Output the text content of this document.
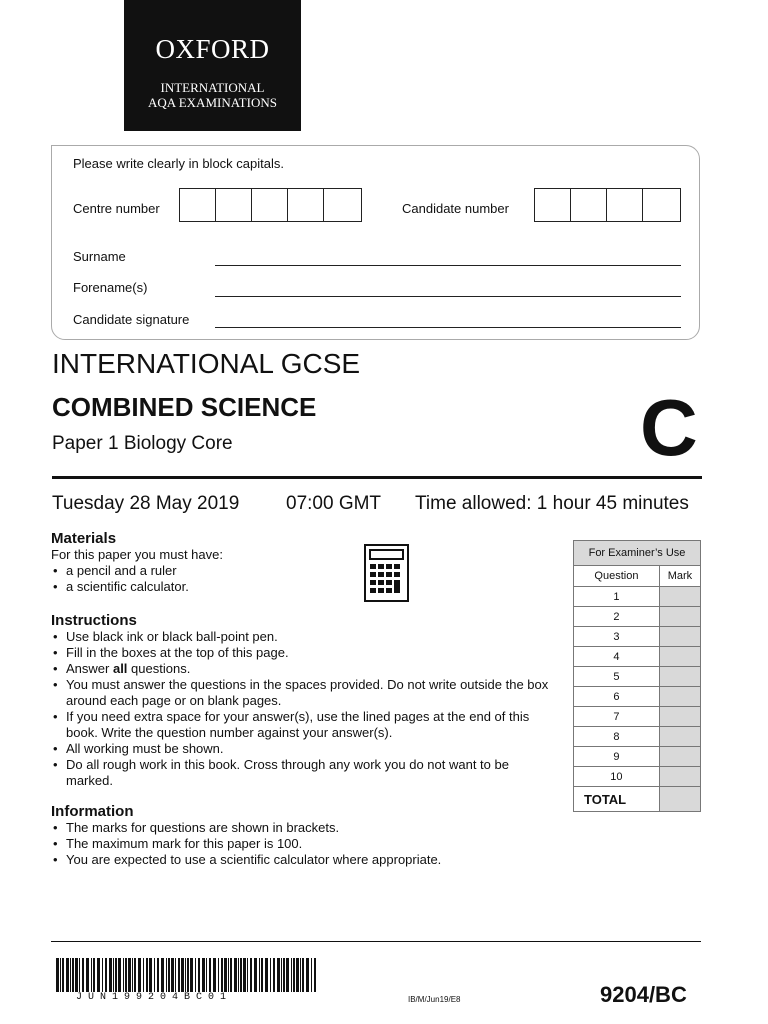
OXFORD
INTERNATIONAL
AQA EXAMINATIONS
Please write clearly in block capitals.
Centre number	Candidate number
Surname
Forename(s)
Candidate signature
INTERNATIONAL GCSE
COMBINED SCIENCE
Paper 1 Biology Core	C
Tuesday 28 May 2019 07:00 GMT Time allowed: 1 hour 45 minutes
Materials
For this paper you must have:
• a pencil and a ruler
• a scientific calculator.
Instructions
• Use black ink or black ball-point pen.
• Fill in the boxes at the top of this page.
• Answer all questions.
• You must answer the questions in the spaces provided. Do not write outside the box around each page or on blank pages.
• If you need extra space for your answer(s), use the lined pages at the end of this book. Write the question number against your answer(s).
• All working must be shown.
• Do all rough work in this book. Cross through any work you do not want to be marked.
Information
• The marks for questions are shown in brackets.
• The maximum mark for this paper is 100.
• You are expected to use a scientific calculator where appropriate.
For Examiner’s Use	
Question	Mark
1	
2	
3	
4	
5	
6	
7	
8	
9	
10	
TOTAL	
J U N 1 9 9 2 0 4 B C 0 1	IB/M/Jun19/E8	9204/BC
